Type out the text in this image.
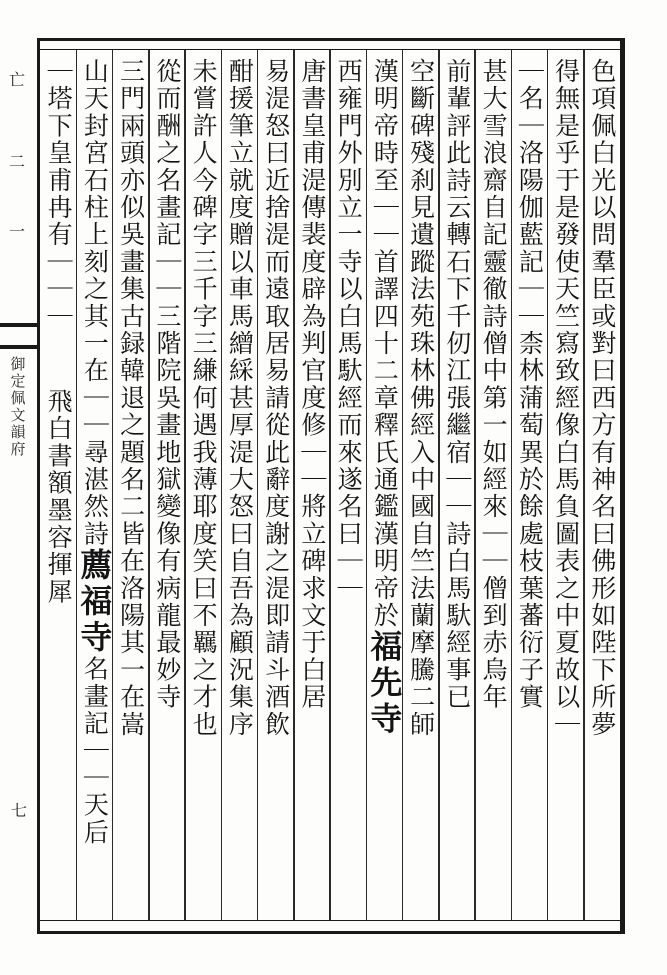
亡
二
一
御定佩文韻府
七
色項佩白光以問羣臣或對曰西方有神名曰佛形如陛下所夢
得無是乎于是發使天竺寫致經像白馬負圖表之中夏故以｜
｜名｜洛陽伽藍記｜｜柰林蒲萄異於餘處枝葉蕃衍子實
甚大雪浪齋自記靈徹詩僧中第一如經來｜｜僧到赤烏年
前輩評此詩云轉石下千仞江張繼宿｜｜詩白馬馱經事已
空斷碑殘刹見遺蹤法苑珠林佛經入中國自竺法蘭摩騰二師
漢明帝時至｜｜首譯四十二章釋氏通鑑漢明帝於福先寺
西雍門外別立一寺以白馬馱經而來遂名曰｜｜
唐書皇甫湜傳裴度辟為判官度修｜｜將立碑求文于白居
易湜怒曰近捨湜而遠取居易請從此辭度謝之湜即請斗酒飲
酣援筆立就度贈以車馬繒綵甚厚湜大怒曰自吾為顧況集序
未嘗許人今碑字三千字三縑何遇我薄耶度笑曰不羈之才也
從而酬之名畫記｜｜三階院吳畫地獄變像有病龍最妙寺
三門兩頭亦似吳畫集古録韓退之題名二皆在洛陽其一在嵩
山天封宮石柱上刻之其一在｜｜尋湛然詩薦福寺名畫記｜｜天后
｜塔下皇甫冉有｜｜｜飛白書額墨容揮犀
